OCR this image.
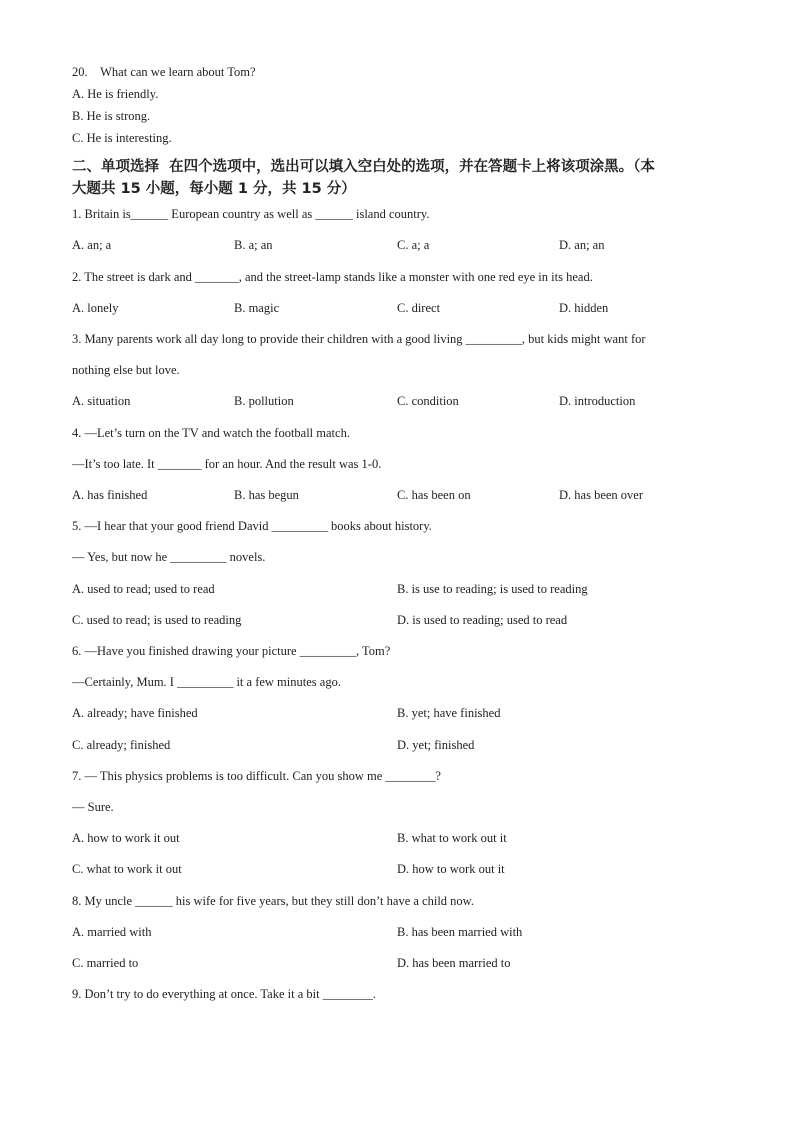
20.    What can we learn about Tom?
A. He is friendly.
B. He is strong.
C. He is interesting.
二、单项选择  在四个选项中，选出可以填入空白处的选项，并在答题卡上将该项涂黑。（本
大题共 15 小题，每小题 1 分，共 15 分）
1. Britain is______ European country as well as ______ island country.
A. an; a	B. a; an	C. a; a	D. an; an
2. The street is dark and _______, and the street-lamp stands like a monster with one red eye in its head.
A. lonely	B. magic	C. direct	D. hidden
3. Many parents work all day long to provide their children with a good living _________, but kids might want for
nothing else but love.
A. situation	B. pollution	C. condition	D. introduction
4. —Let’s turn on the TV and watch the football match.
—It’s too late. It _______ for an hour. And the result was 1-0.
A. has finished	B. has begun	C. has been on	D. has been over
5. —I hear that your good friend David _________ books about history.
— Yes, but now he _________ novels.
A. used to read; used to read	B. is use to reading; is used to reading
C. used to read; is used to reading	D. is used to reading; used to read
6. —Have you finished drawing your picture _________, Tom?
—Certainly, Mum. I _________ it a few minutes ago.
A. already; have finished	B. yet; have finished
C. already; finished	D. yet; finished
7. — This physics problems is too difficult. Can you show me ________?
— Sure.
A. how to work it out	B. what to work out it
C. what to work it out	D. how to work out it
8. My uncle ______ his wife for five years, but they still don’t have a child now.
A. married with	B. has been married with
C. married to	D. has been married to
9. Don’t try to do everything at once. Take it a bit ________.
